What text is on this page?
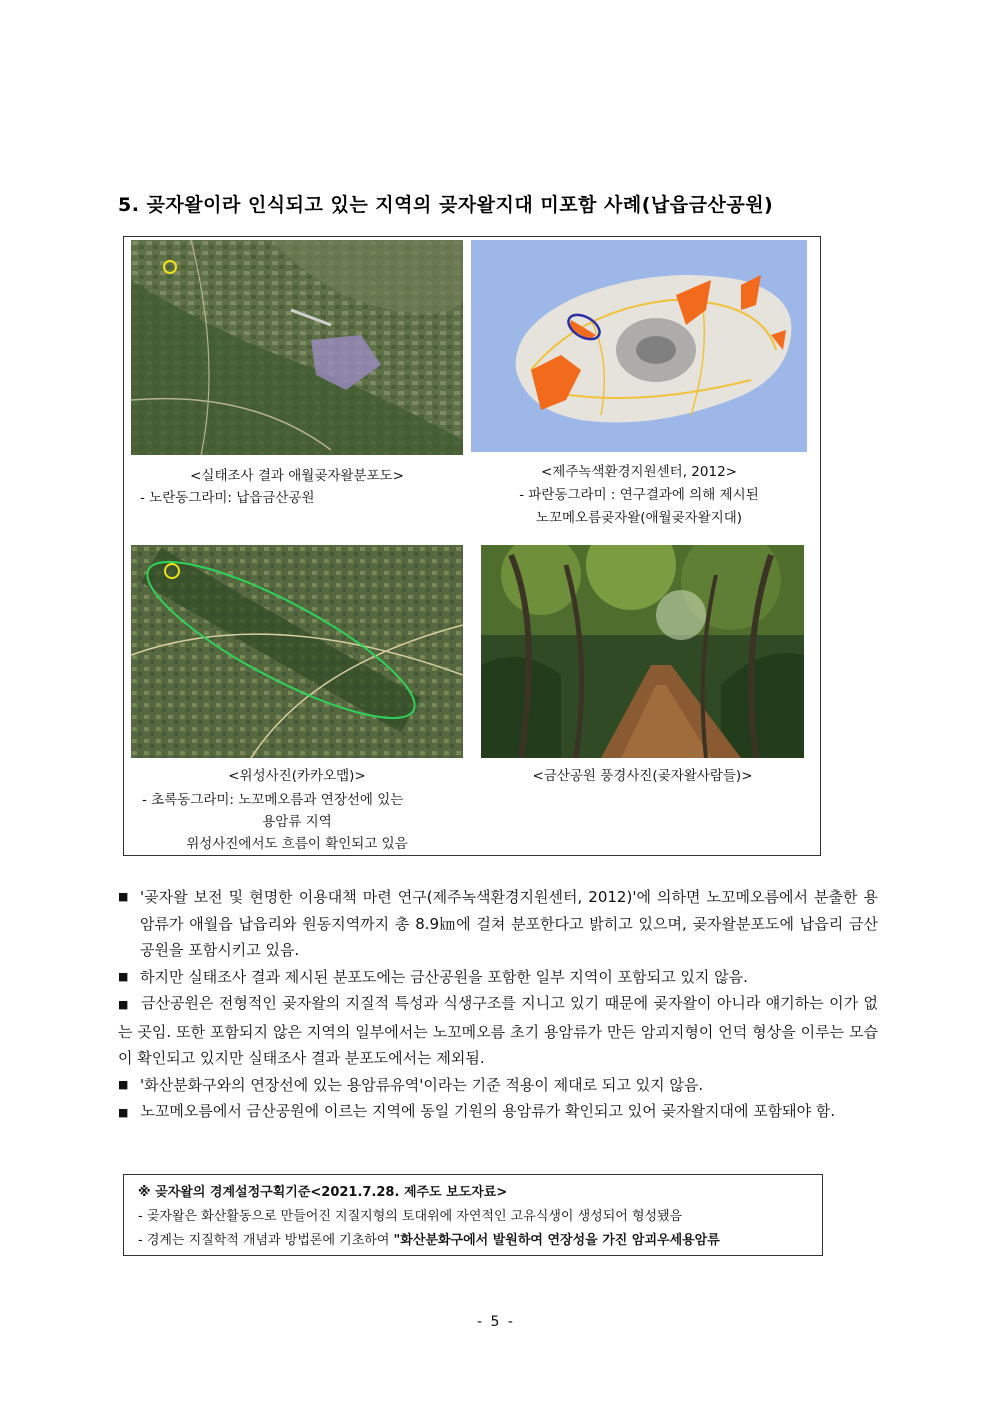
5. 곶자왈이라 인식되고 있는 지역의 곶자왈지대 미포함 사례(납읍금산공원)
<실태조사 결과 애월곶자왈분포도>
- 노란동그라미: 납읍금산공원
<제주녹색환경지원센터, 2012>
- 파란동그라미 : 연구결과에 의해 제시된
노꼬메오름곶자왈(애월곶자왈지대)
<위성사진(카카오맵)>
- 초록동그라미: 노꼬메오름과 연장선에 있는
용암류 지역
위성사진에서도 흐름이 확인되고 있음
<금산공원 풍경사진(곶자왈사람들)>
■ '곶자왈 보전 및 현명한 이용대책 마련 연구(제주녹색환경지원센터, 2012)'에 의하면 노꼬메오름에서 분출한 용암류가 애월읍 납읍리와 원동지역까지 총 8.9㎞에 걸쳐 분포한다고 밝히고 있으며, 곶자왈분포도에 납읍리 금산공원을 포함시키고 있음.
■ 하지만 실태조사 결과 제시된 분포도에는 금산공원을 포함한 일부 지역이 포함되고 있지 않음.

■ 금산공원은 전형적인 곶자왈의 지질적 특성과 식생구조를 지니고 있기 때문에 곶자왈이 아니라 얘기하는 이가 없는 곳임. 또한 포함되지 않은 지역의 일부에서는 노꼬메오름 초기 용암류가 만든 암괴지형이 언덕 형상을 이루는 모습이 확인되고 있지만 실태조사 결과 분포도에서는 제외됨.

■ '화산분화구와의 연장선에 있는 용암류유역'이라는 기준 적용이 제대로 되고 있지 않음.

■ 노꼬메오름에서 금산공원에 이르는 지역에 동일 기원의 용암류가 확인되고 있어 곶자왈지대에 포함돼야 함.

※ 곶자왈의 경계설정구획기준<2021.7.28. 제주도 보도자료>
- 곶자왈은 화산활동으로 만들어진 지질지형의 토대위에 자연적인 고유식생이 생성되어 형성됐음
- 경계는 지질학적 개념과 방법론에 기초하여 "화산분화구에서 발원하여 연장성을 가진 암괴우세용암류
- 5 -
